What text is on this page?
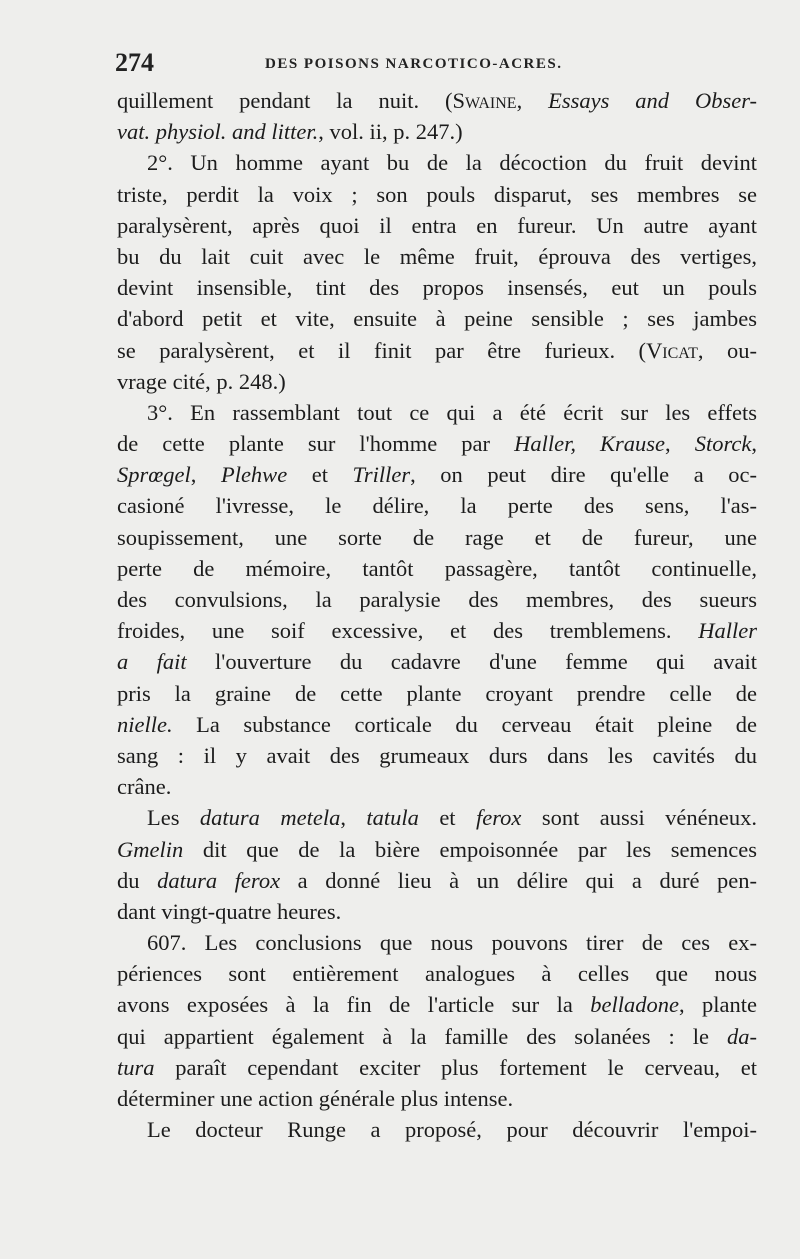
274	DES POISONS NARCOTICO-ACRES.
quillement pendant la nuit. (Swaine, Essays and Obser-
vat. physiol. and litter., vol. ii, p. 247.)
2°. Un homme ayant bu de la décoction du fruit devint
triste, perdit la voix ; son pouls disparut, ses membres se
paralysèrent, après quoi il entra en fureur. Un autre ayant
bu du lait cuit avec le même fruit, éprouva des vertiges,
devint insensible, tint des propos insensés, eut un pouls
d'abord petit et vite, ensuite à peine sensible ; ses jambes
se paralysèrent, et il finit par être furieux. (Vicat, ou-
vrage cité, p. 248.)
3°. En rassemblant tout ce qui a été écrit sur les effets
de cette plante sur l'homme par Haller, Krause, Storck,
Sprœgel, Plehwe et Triller, on peut dire qu'elle a oc-
casioné l'ivresse, le délire, la perte des sens, l'as-
soupissement, une sorte de rage et de fureur, une
perte de mémoire, tantôt passagère, tantôt continuelle,
des convulsions, la paralysie des membres, des sueurs
froides, une soif excessive, et des tremblemens. Haller
a fait l'ouverture du cadavre d'une femme qui avait
pris la graine de cette plante croyant prendre celle de
nielle. La substance corticale du cerveau était pleine de
sang : il y avait des grumeaux durs dans les cavités du
crâne.
Les datura metela, tatula et ferox sont aussi vénéneux.
Gmelin dit que de la bière empoisonnée par les semences
du datura ferox a donné lieu à un délire qui a duré pen-
dant vingt-quatre heures.
607. Les conclusions que nous pouvons tirer de ces ex-
périences sont entièrement analogues à celles que nous
avons exposées à la fin de l'article sur la belladone, plante
qui appartient également à la famille des solanées : le da-
tura paraît cependant exciter plus fortement le cerveau, et
déterminer une action générale plus intense.
Le docteur Runge a proposé, pour découvrir l'empoi-
